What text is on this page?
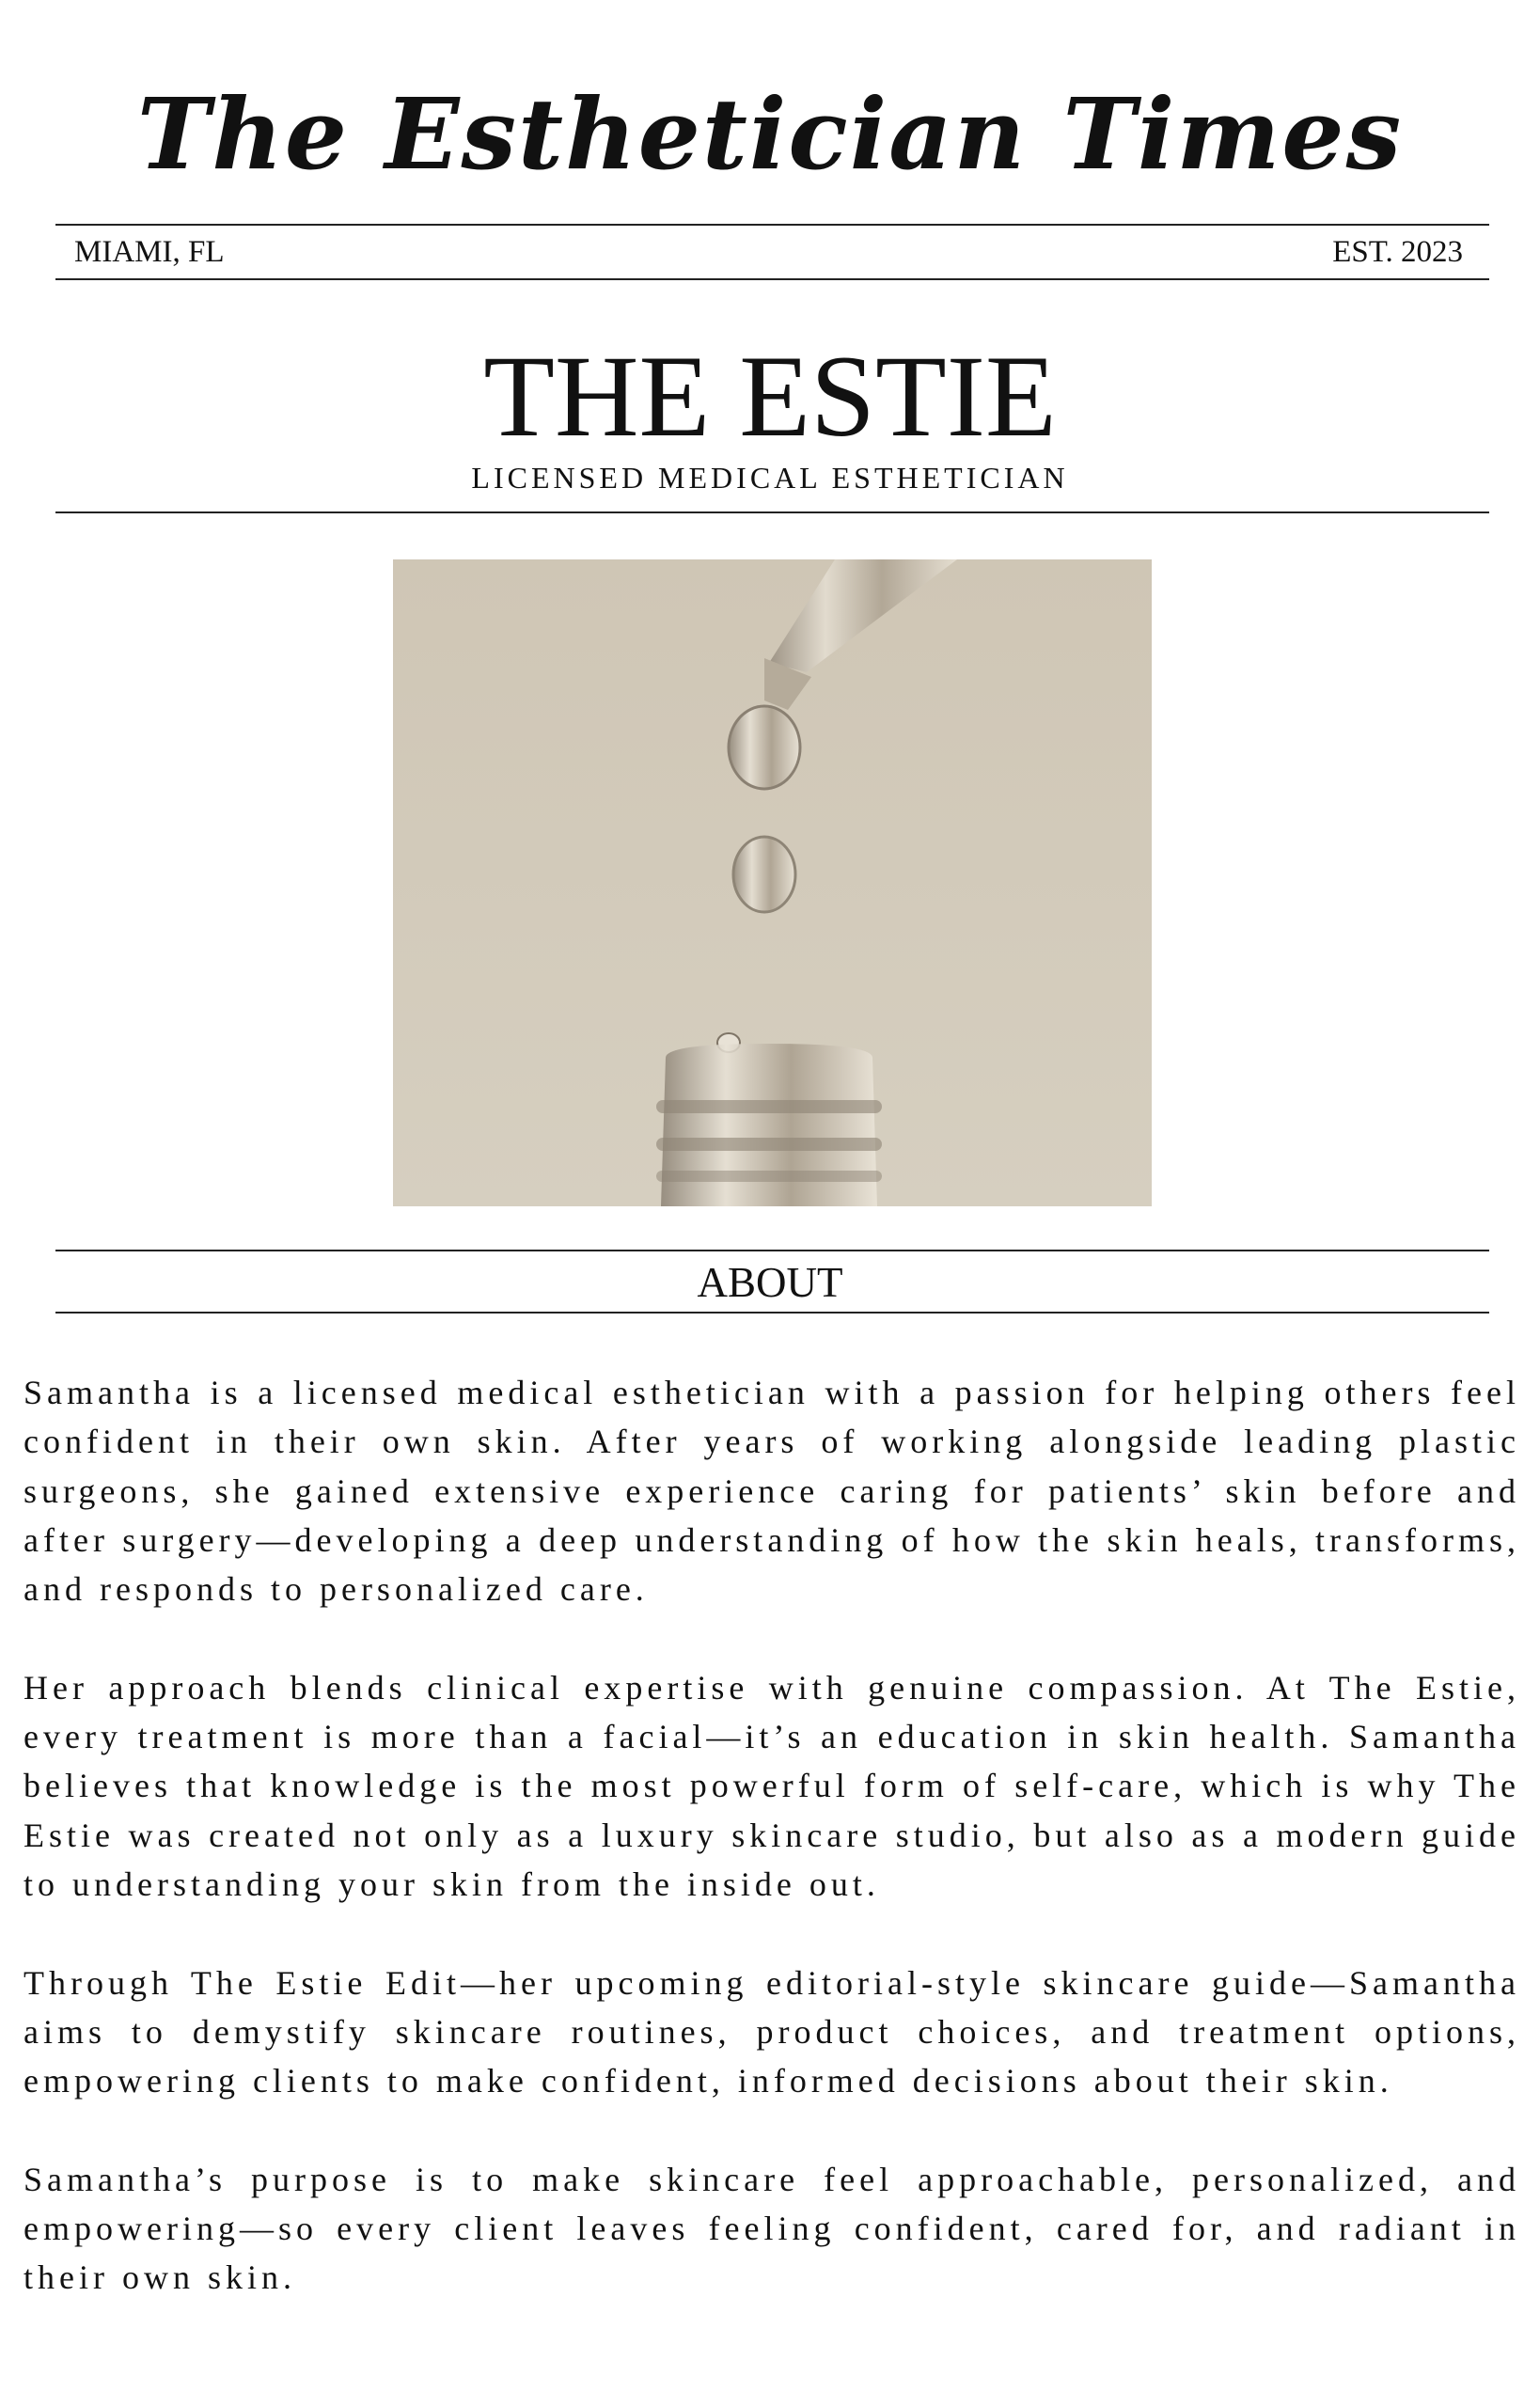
The Esthetician Times
MIAMI, FL	EST. 2023
THE ESTIE
LICENSED MEDICAL ESTHETICIAN
ABOUT

Samantha is a licensed medical esthetician with a passion for helping others feel confident in their own skin. After years of working alongside leading plastic surgeons, she gained extensive experience caring for patients’ skin before and after surgery—developing a deep understanding of how the skin heals, transforms, and responds to personalized care.

Her approach blends clinical expertise with genuine compassion. At The Estie, every treatment is more than a facial—it’s an education in skin health. Samantha believes that knowledge is the most powerful form of self-care, which is why The Estie was created not only as a luxury skincare studio, but also as a modern guide to understanding your skin from the inside out.

Through The Estie Edit—her upcoming editorial-style skincare guide—Samantha aims to demystify skincare routines, product choices, and treatment options, empowering clients to make confident, informed decisions about their skin.

Samantha’s purpose is to make skincare feel approachable, personalized, and empowering—so every client leaves feeling confident, cared for, and radiant in their own skin.
